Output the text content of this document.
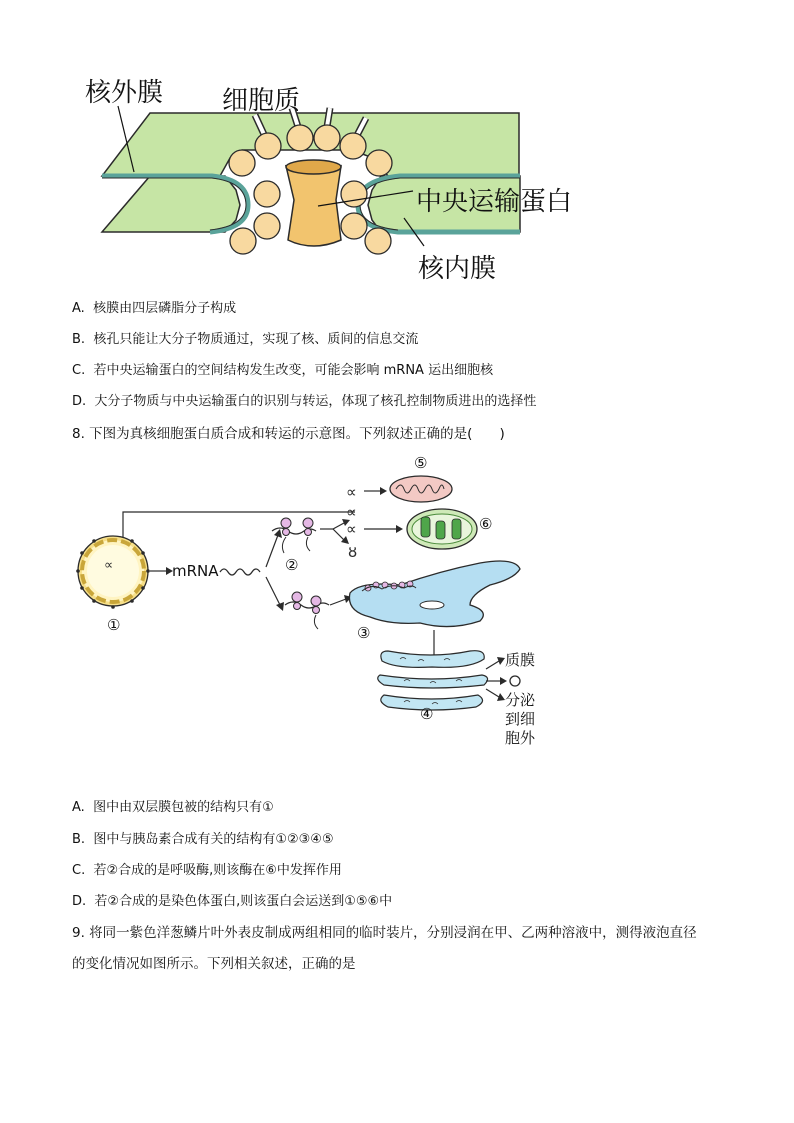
核外膜 细胞质
中央运输蛋白
核内膜
A. 核膜由四层磷脂分子构成
B. 核孔只能让大分子物质通过，实现了核、质间的信息交流
C. 若中央运输蛋白的空间结构发生改变，可能会影响 mRNA 运出细胞核
D. 大分子物质与中央运输蛋白的识别与转运，体现了核孔控制物质进出的选择性
8. 下图为真核细胞蛋白质合成和转运的示意图。下列叙述正确的是(　　)
∝
∝
∝
∝
ȣ
①
mRNA	②
③
④
⑤
⑥
质膜
分泌
到细
胞外
A. 图中由双层膜包被的结构只有①
B. 图中与胰岛素合成有关的结构有①②③④⑤
C. 若②合成的是呼吸酶,则该酶在⑥中发挥作用
D. 若②合成的是染色体蛋白,则该蛋白会运送到①⑤⑥中
9. 将同一紫色洋葱鳞片叶外表皮制成两组相同的临时装片，分别浸润在甲、乙两种溶液中，测得液泡直径
的变化情况如图所示。下列相关叙述，正确的是
